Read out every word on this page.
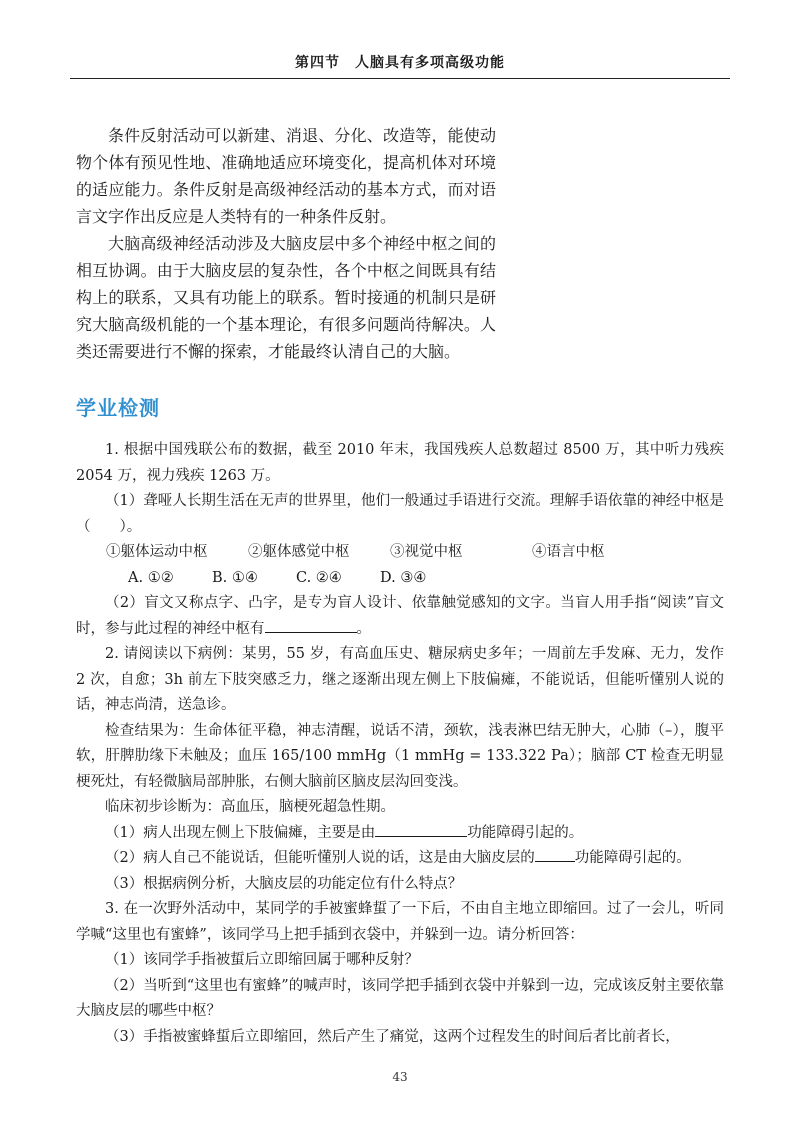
第四节　人脑具有多项高级功能

条件反射活动可以新建、消退、分化、改造等，能使动物个体有预见性地、准确地适应环境变化，提高机体对环境的适应能力。条件反射是高级神经活动的基本方式，而对语言文字作出反应是人类特有的一种条件反射。

大脑高级神经活动涉及大脑皮层中多个神经中枢之间的相互协调。由于大脑皮层的复杂性，各个中枢之间既具有结构上的联系，又具有功能上的联系。暂时接通的机制只是研究大脑高级机能的一个基本理论，有很多问题尚待解决。人类还需要进行不懈的探索，才能最终认清自己的大脑。

学业检测

1. 根据中国残联公布的数据，截至 2010 年末，我国残疾人总数超过 8500 万，其中听力残疾 2054 万，视力残疾 1263 万。

（1）聋哑人长期生活在无声的世界里，他们一般通过手语进行交流。理解手语依靠的神经中枢是（　　）。

①躯体运动中枢	②躯体感觉中枢	③视觉中枢	④语言中枢
A. ①②	B. ①④	C. ②④	D. ③④

（2）盲文又称点字、凸字，是专为盲人设计、依靠触觉感知的文字。当盲人用手指“阅读”盲文时，参与此过程的神经中枢有	。

2. 请阅读以下病例：某男，55 岁，有高血压史、糖尿病史多年；一周前左手发麻、无力，发作 2 次，自愈；3h 前左下肢突感乏力，继之逐渐出现左侧上下肢偏瘫，不能说话，但能听懂别人说的话，神志尚清，送急诊。

检查结果为：生命体征平稳，神志清醒，说话不清，颈软，浅表淋巴结无肿大，心肺（–），腹平软，肝脾肋缘下未触及；血压 165/100 mmHg（1 mmHg = 133.322 Pa）；脑部 CT 检查无明显梗死灶，有轻微脑局部肿胀，右侧大脑前区脑皮层沟回变浅。

临床初步诊断为：高血压，脑梗死超急性期。

（1）病人出现左侧上下肢偏瘫，主要是由	功能障碍引起的。

（2）病人自己不能说话，但能听懂别人说的话，这是由大脑皮层的	功能障碍引起的。

（3）根据病例分析，大脑皮层的功能定位有什么特点？

3. 在一次野外活动中，某同学的手被蜜蜂蜇了一下后，不由自主地立即缩回。过了一会儿，听同学喊“这里也有蜜蜂”，该同学马上把手插到衣袋中，并躲到一边。请分析回答：

（1）该同学手指被蜇后立即缩回属于哪种反射？

（2）当听到“这里也有蜜蜂”的喊声时，该同学把手插到衣袋中并躲到一边，完成该反射主要依靠大脑皮层的哪些中枢？

（3）手指被蜜蜂蜇后立即缩回，然后产生了痛觉，这两个过程发生的时间后者比前者长，

43
